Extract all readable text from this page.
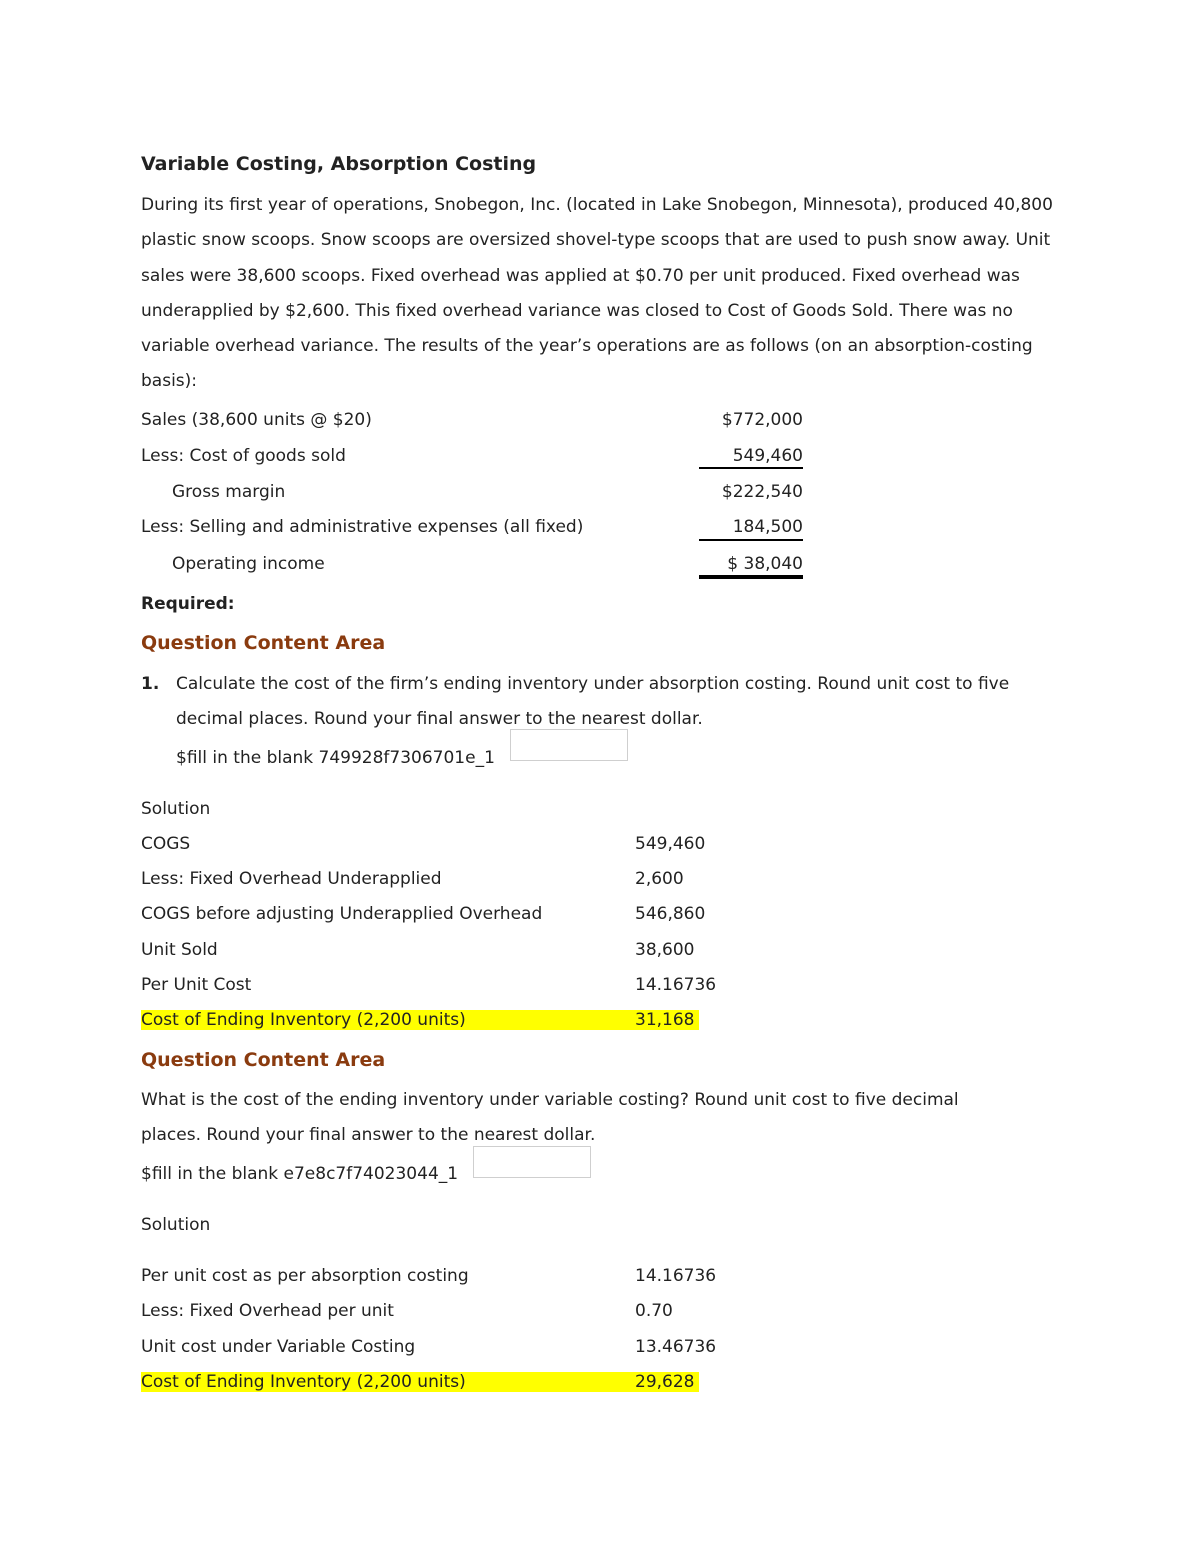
Variable Costing, Absorption Costing

During its first year of operations, Snobegon, Inc. (located in Lake Snobegon, Minnesota), produced 40,800 plastic snow scoops. Snow scoops are oversized shovel-type scoops that are used to push snow away. Unit sales were 38,600 scoops. Fixed overhead was applied at $0.70 per unit produced. Fixed overhead was underapplied by $2,600. This fixed overhead variance was closed to Cost of Goods Sold. There was no variable overhead variance. The results of the year’s operations are as follows (on an absorption-costing basis):

Sales (38,600 units @ $20)	$772,000
Less: Cost of goods sold	549,460
Gross margin	$222,540
Less: Selling and administrative expenses (all fixed)	184,500
Operating income	$ 38,040
Required:
Question Content Area
1. Calculate the cost of the firm’s ending inventory under absorption costing. Round unit cost to five
decimal places. Round your final answer to the nearest dollar.
$fill in the blank 749928f7306701e_1
Solution
COGS	549,460
Less: Fixed Overhead Underapplied	2,600
COGS before adjusting Underapplied Overhead	546,860
Unit Sold	38,600
Per Unit Cost	14.16736
Cost of Ending Inventory (2,200 units)	31,168
Question Content Area
What is the cost of the ending inventory under variable costing? Round unit cost to five decimal
places. Round your final answer to the nearest dollar.
$fill in the blank e7e8c7f74023044_1
Solution
Per unit cost as per absorption costing	14.16736
Less: Fixed Overhead per unit	0.70
Unit cost under Variable Costing	13.46736
Cost of Ending Inventory (2,200 units)	29,628
